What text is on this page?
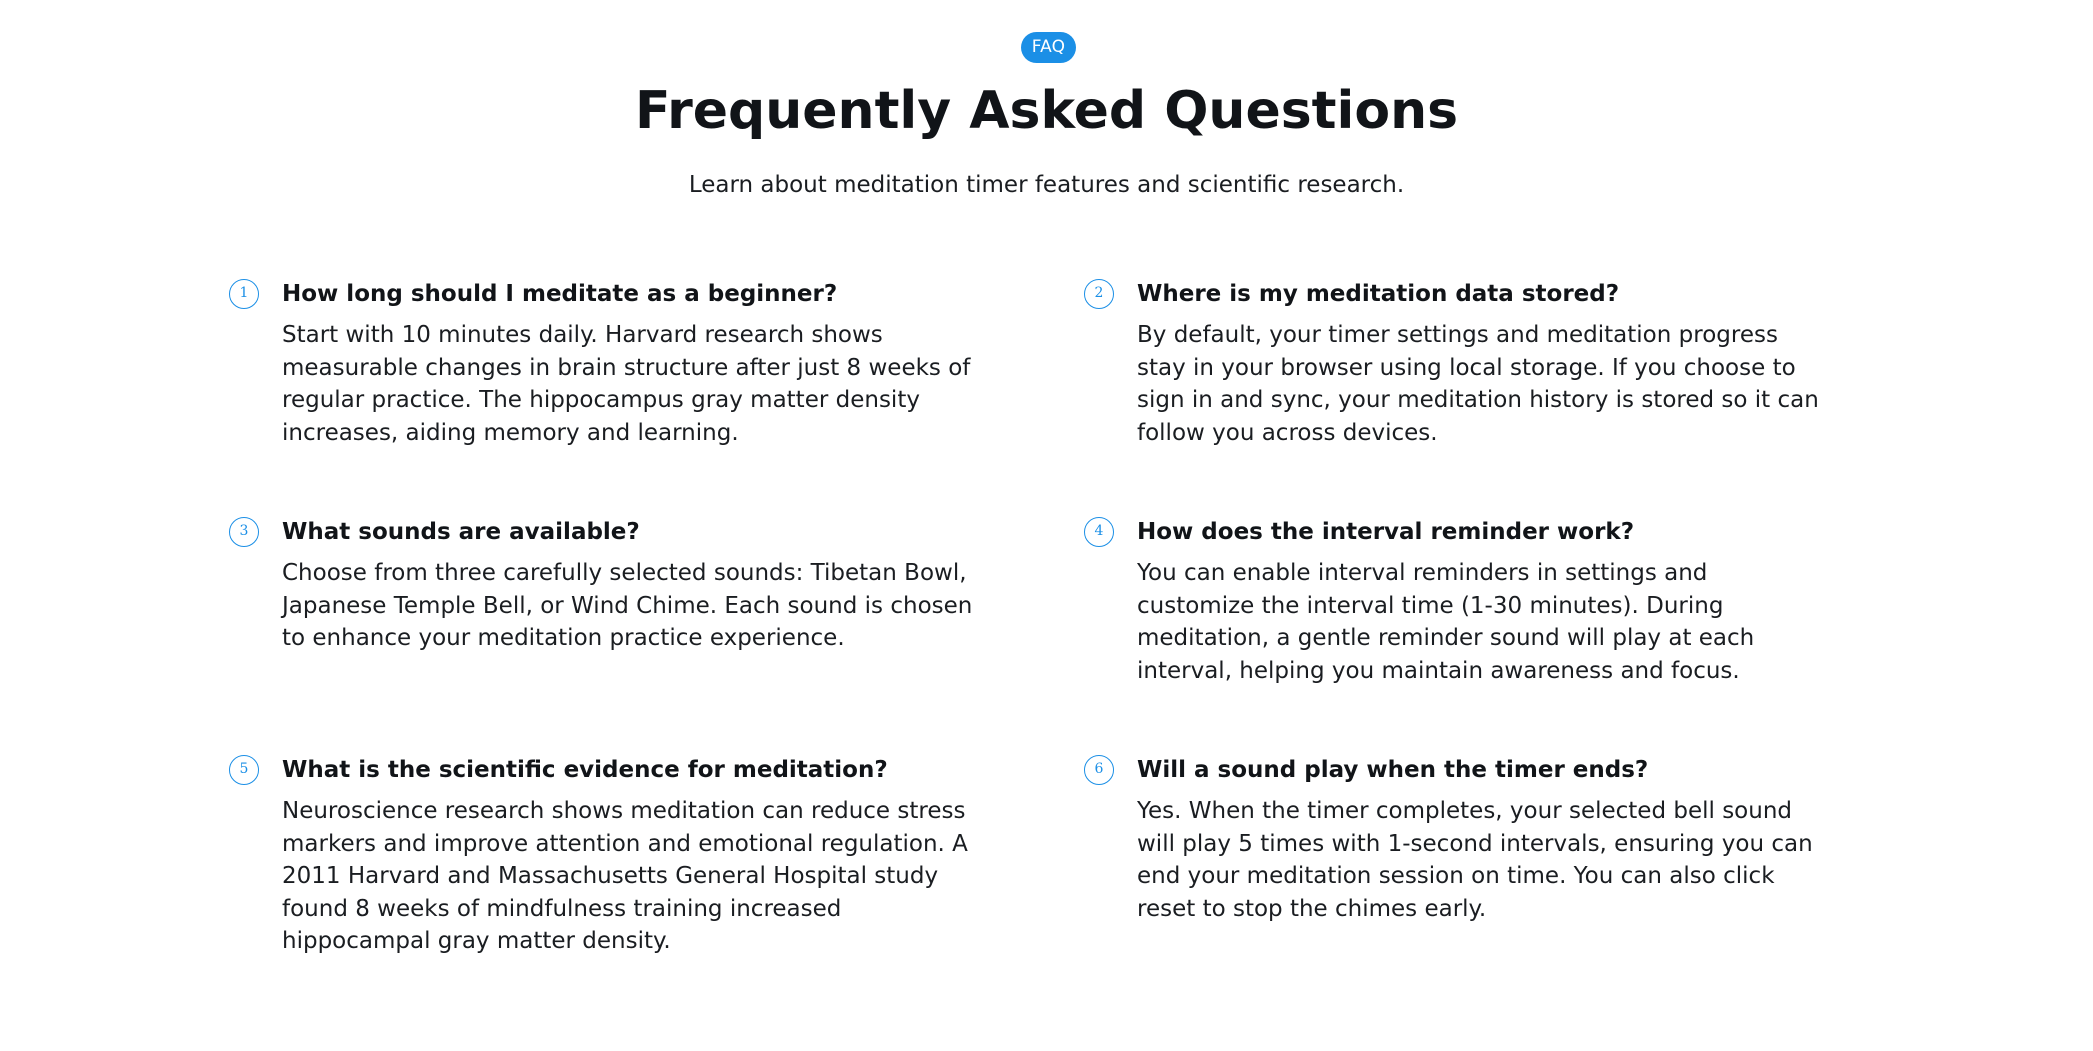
FAQ
Frequently Asked Questions

Learn about meditation timer features and scientific research.

1	How long should I meditate as a beginner?

Start with 10 minutes daily. Harvard research shows measurable changes in brain structure after just 8 weeks of regular practice. The hippocampus gray matter density increases, aiding memory and learning.

2	Where is my meditation data stored?

By default, your timer settings and meditation progress stay in your browser using local storage. If you choose to sign in and sync, your meditation history is stored so it can follow you across devices.

3	What sounds are available?

Choose from three carefully selected sounds: Tibetan Bowl, Japanese Temple Bell, or Wind Chime. Each sound is chosen to enhance your meditation practice experience.

4	How does the interval reminder work?

You can enable interval reminders in settings and customize the interval time (1-30 minutes). During meditation, a gentle reminder sound will play at each interval, helping you maintain awareness and focus.

5	What is the scientific evidence for meditation?

Neuroscience research shows meditation can reduce stress markers and improve attention and emotional regulation. A 2011 Harvard and Massachusetts General Hospital study found 8 weeks of mindfulness training increased hippocampal gray matter density.

6	Will a sound play when the timer ends?

Yes. When the timer completes, your selected bell sound will play 5 times with 1-second intervals, ensuring you can end your meditation session on time. You can also click reset to stop the chimes early.
